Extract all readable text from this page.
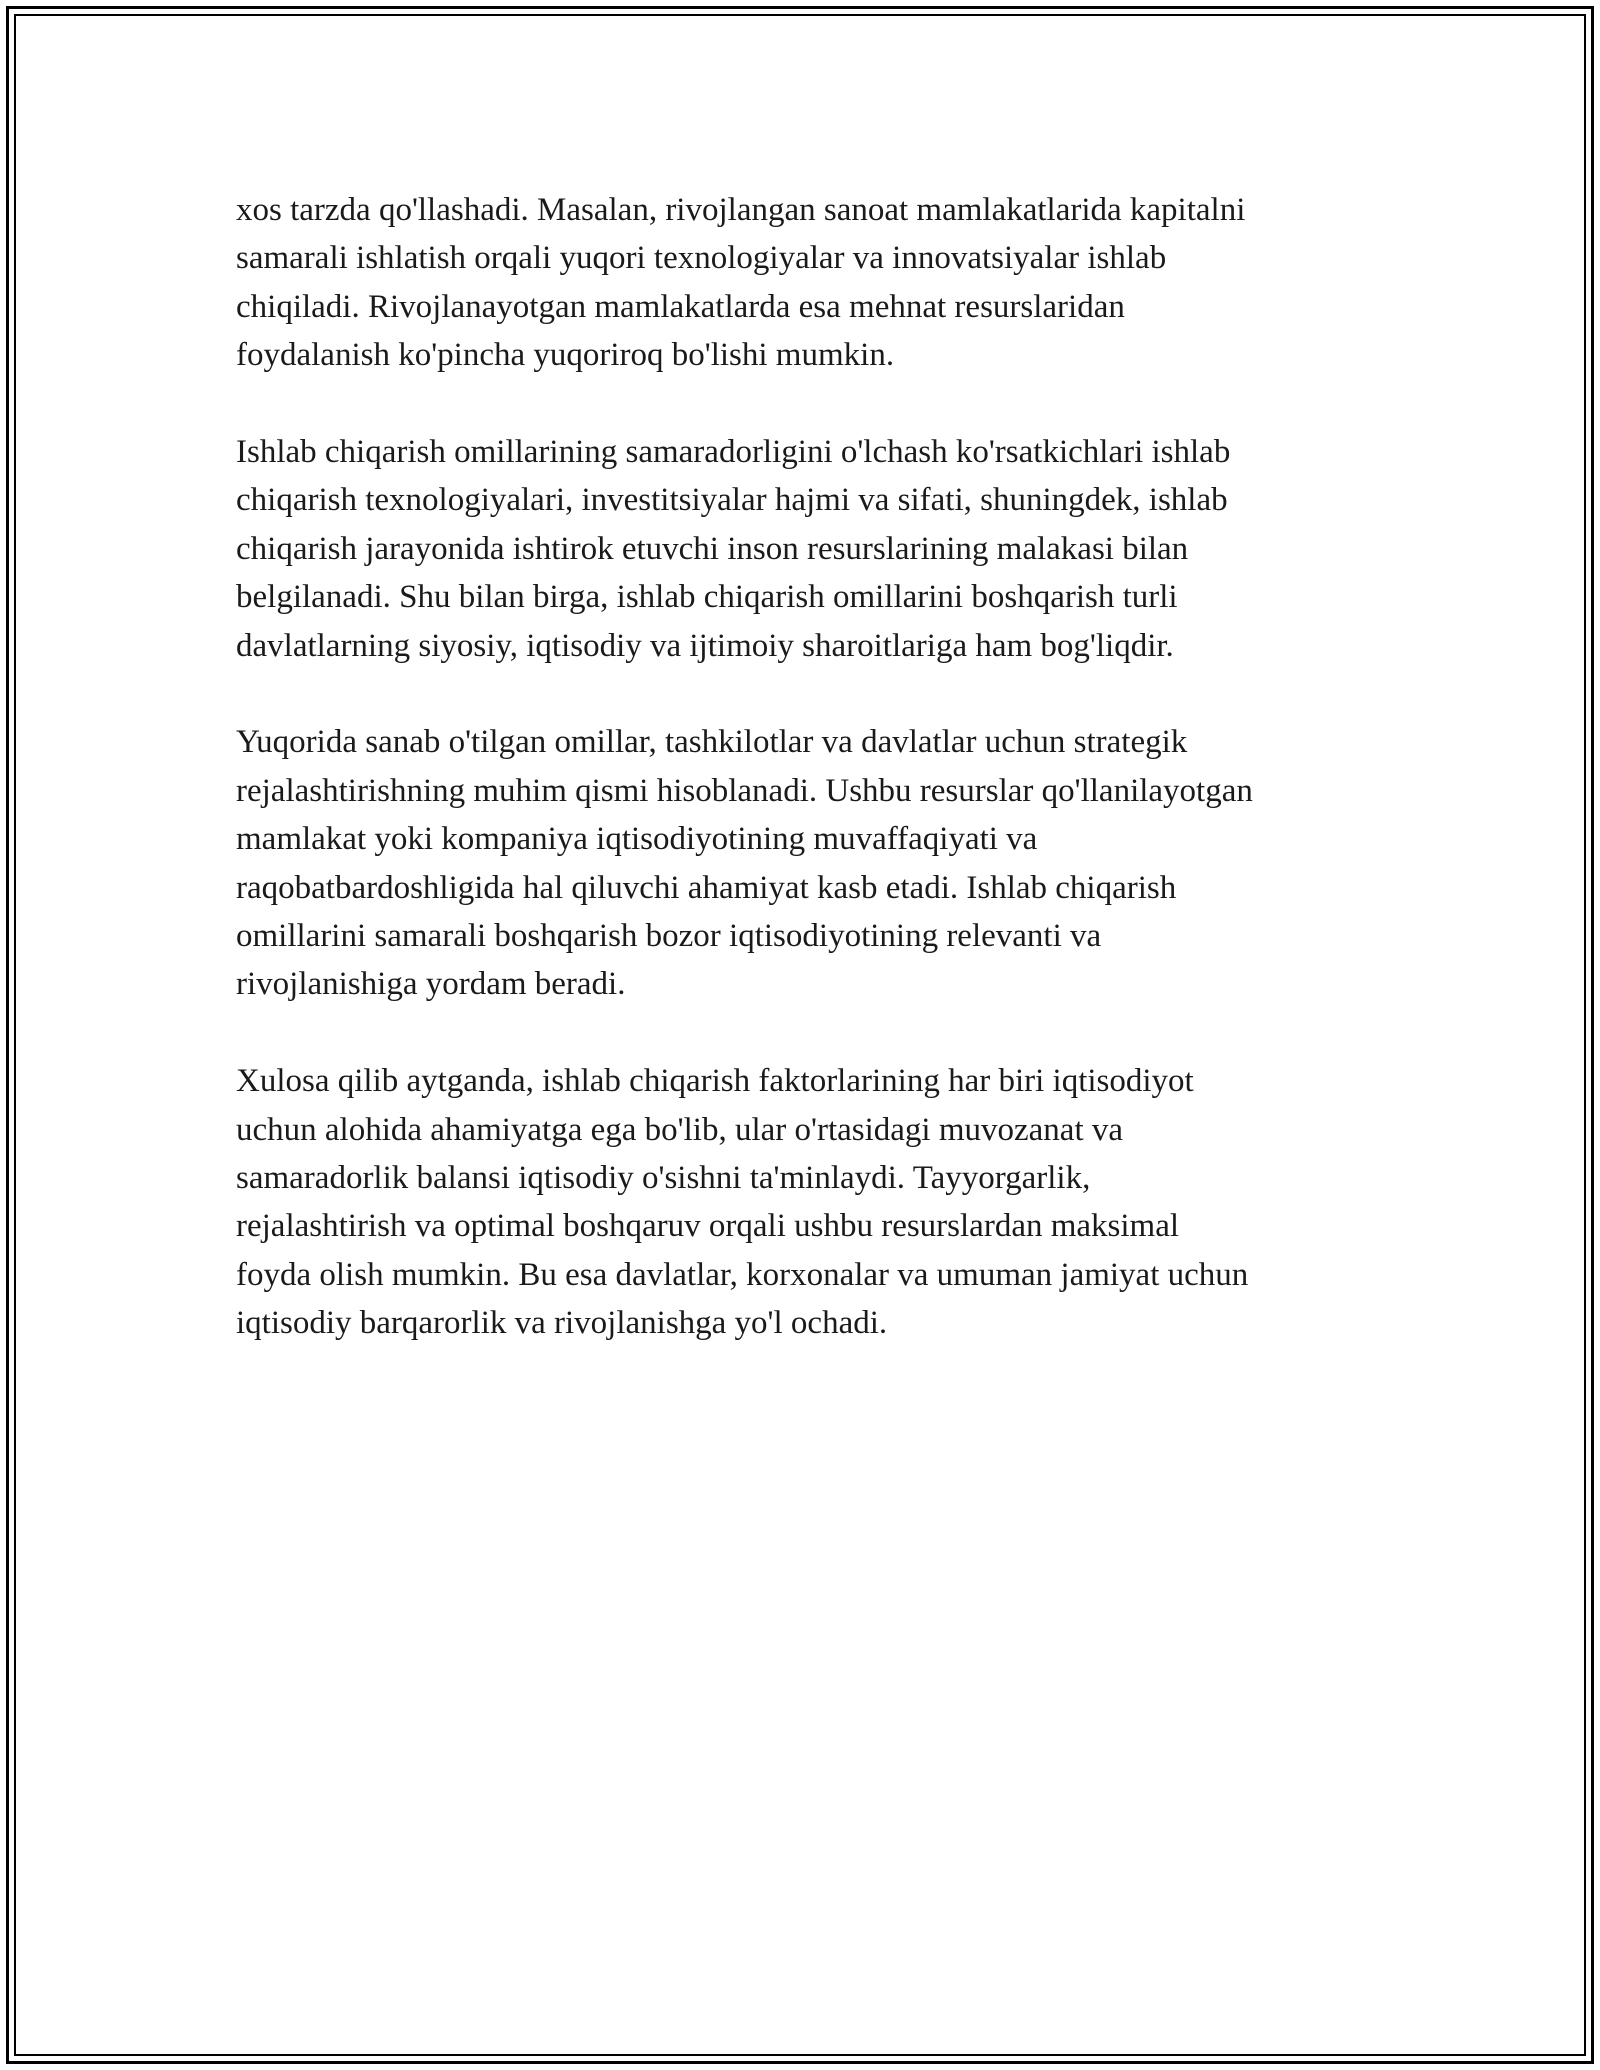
xos tarzda qo'llashadi. Masalan, rivojlangan sanoat mamlakatlarida kapitalni
samarali ishlatish orqali yuqori texnologiyalar va innovatsiyalar ishlab
chiqiladi. Rivojlanayotgan mamlakatlarda esa mehnat resurslaridan
foydalanish ko'pincha yuqoriroq bo'lishi mumkin.

Ishlab chiqarish omillarining samaradorligini o'lchash ko'rsatkichlari ishlab
chiqarish texnologiyalari, investitsiyalar hajmi va sifati, shuningdek, ishlab
chiqarish jarayonida ishtirok etuvchi inson resurslarining malakasi bilan
belgilanadi. Shu bilan birga, ishlab chiqarish omillarini boshqarish turli
davlatlarning siyosiy, iqtisodiy va ijtimoiy sharoitlariga ham bog'liqdir.

Yuqorida sanab o'tilgan omillar, tashkilotlar va davlatlar uchun strategik
rejalashtirishning muhim qismi hisoblanadi. Ushbu resurslar qo'llanilayotgan
mamlakat yoki kompaniya iqtisodiyotining muvaffaqiyati va
raqobatbardoshligida hal qiluvchi ahamiyat kasb etadi. Ishlab chiqarish
omillarini samarali boshqarish bozor iqtisodiyotining relevanti va
rivojlanishiga yordam beradi.

Xulosa qilib aytganda, ishlab chiqarish faktorlarining har biri iqtisodiyot
uchun alohida ahamiyatga ega bo'lib, ular o'rtasidagi muvozanat va
samaradorlik balansi iqtisodiy o'sishni ta'minlaydi. Tayyorgarlik,
rejalashtirish va optimal boshqaruv orqali ushbu resurslardan maksimal
foyda olish mumkin. Bu esa davlatlar, korxonalar va umuman jamiyat uchun
iqtisodiy barqarorlik va rivojlanishga yo'l ochadi.
